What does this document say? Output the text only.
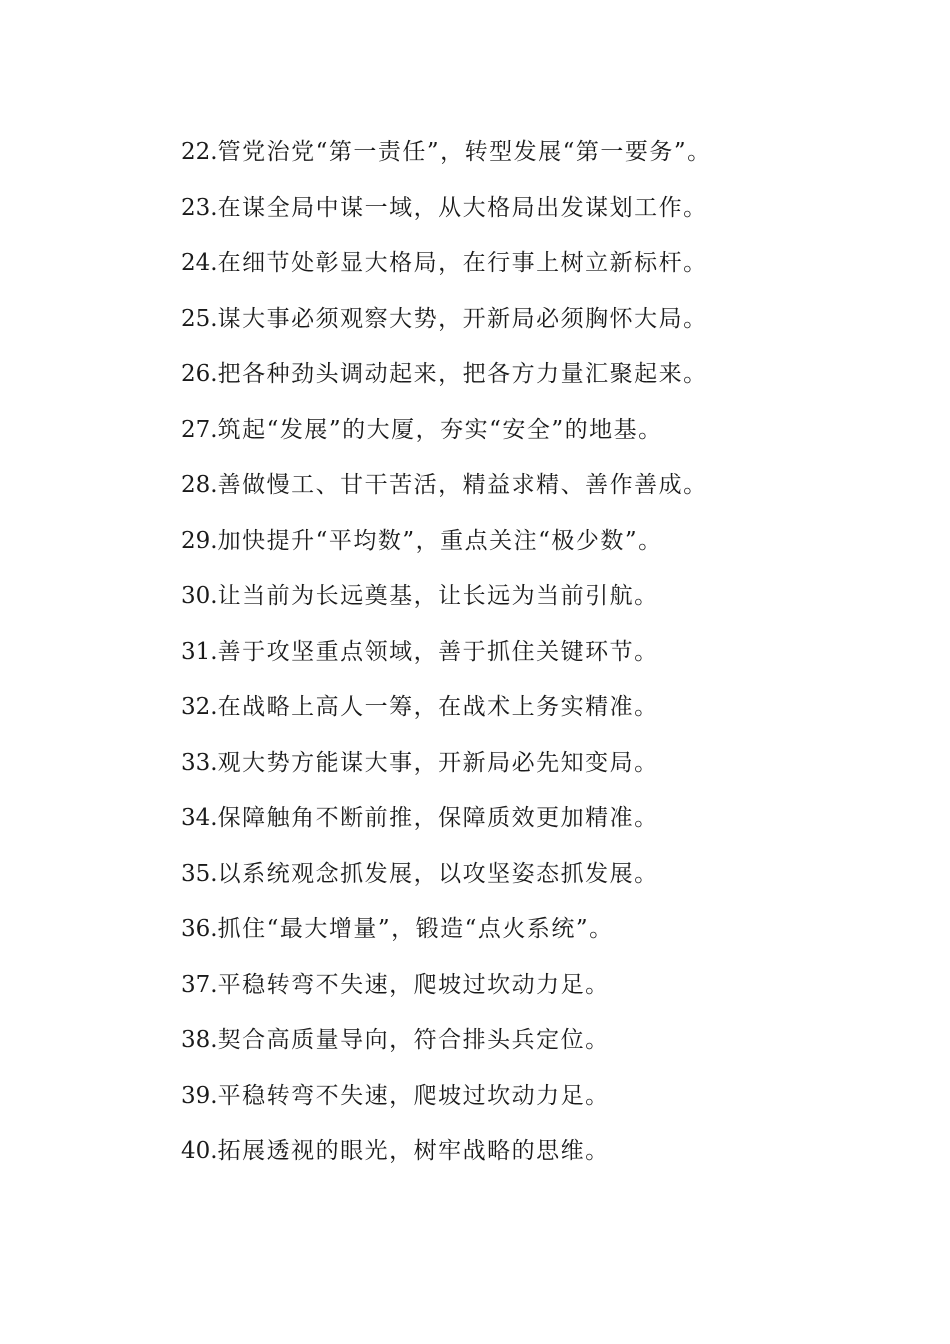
22.管党治党“第一责任”，转型发展“第一要务”。
23.在谋全局中谋一域，从大格局出发谋划工作。
24.在细节处彰显大格局，在行事上树立新标杆。
25.谋大事必须观察大势，开新局必须胸怀大局。
26.把各种劲头调动起来，把各方力量汇聚起来。
27.筑起“发展”的大厦，夯实“安全”的地基。
28.善做慢工、甘干苦活，精益求精、善作善成。
29.加快提升“平均数”，重点关注“极少数”。
30.让当前为长远奠基，让长远为当前引航。
31.善于攻坚重点领域，善于抓住关键环节。
32.在战略上高人一筹，在战术上务实精准。
33.观大势方能谋大事，开新局必先知变局。
34.保障触角不断前推，保障质效更加精准。
35.以系统观念抓发展，以攻坚姿态抓发展。
36.抓住“最大增量”，锻造“点火系统”。
37.平稳转弯不失速，爬坡过坎动力足。
38.契合高质量导向，符合排头兵定位。
39.平稳转弯不失速，爬坡过坎动力足。
40.拓展透视的眼光，树牢战略的思维。
